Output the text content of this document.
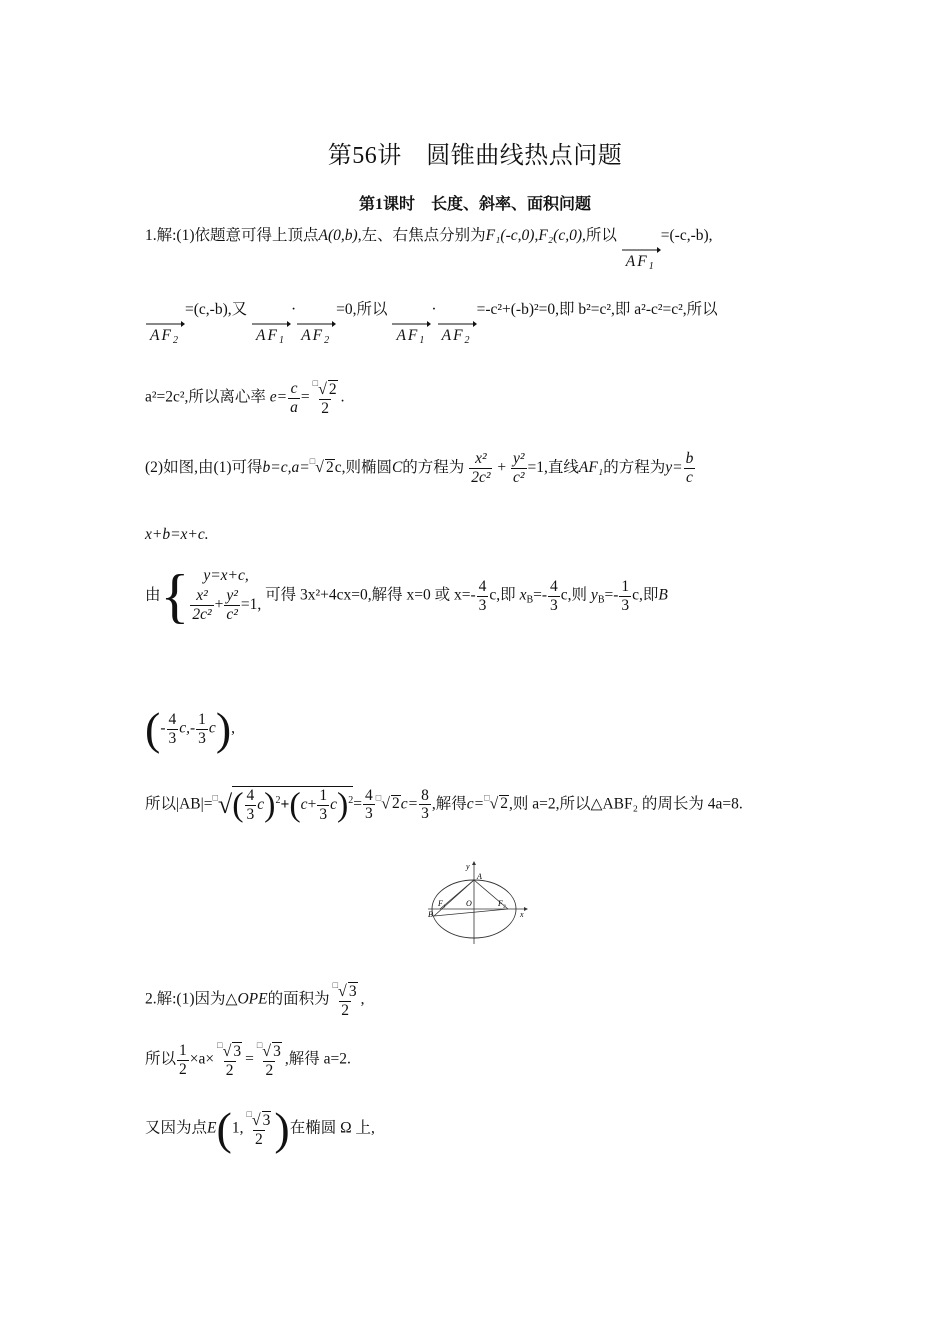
第56讲　圆锥曲线热点问题
第1课时　长度、斜率、面积问题
1.解:(1)依题意可得上顶点A(0,b),左、右焦点分别为F₁(-c,0),F₂(c,0),所以
$AF_1$
=(-c,-b),
$AF_2$
=(c,-b),又
$AF_1$
·
$AF_2$
=0,所以
$AF_1$
·
$AF_2$
=-c²+(-b)²=0,即 b²=c²,即 a²-c²=c²,所以
a²=2c²,所以离心率 $e= \frac{c}{a} = \frac{^□√ 2}{2}$ .
(2)如图,由(1)可得b=c,a=□√ 2c,则椭圆C的方程为 $\frac{\text{x²}}{\text{2c²}} + \frac{\text{y²}}{\text{c²}} =1$,直线AF₁的方程为$y= \frac{b}{c}$
x+b=x+c.
由 { y=x+c,
$\frac{\text{x²}}{\text{2c²}} + \frac{\text{y²}}{\text{c²}} =1$,
可得 3x²+4cx=0,解得 x=0 或 $x=- \frac{4}{3} c$,即 $x_B=- \frac{4}{3} c$,则 $y_B=- \frac{1}{3} c$,即B
(- $\frac{4}{3} c,- \frac{1}{3} c$),
所以$|AB|=^□√( \frac{4}{3} c)^2+(c+ \frac{1}{3} c)^2= \frac{4}{3} ^□√$ $2c= \frac{8}{3}$ ,解得c=□√ 2,则 a=2,所以△ABF₂ 的周长为 4a=8.
y
A
F₁	O	F₂
x
B
2.解:(1)因为△OPE的面积为 $\frac{^□√ 3}{2}$ ,
所以 $\frac{1}{2} \times a\times \frac{^□√ 3}{2} = \frac{^□√ 3}{2}$ ,解得 a=2.
又因为点E(1, $\frac{^□√ 3}{2}$ )在椭圆 Ω 上,
